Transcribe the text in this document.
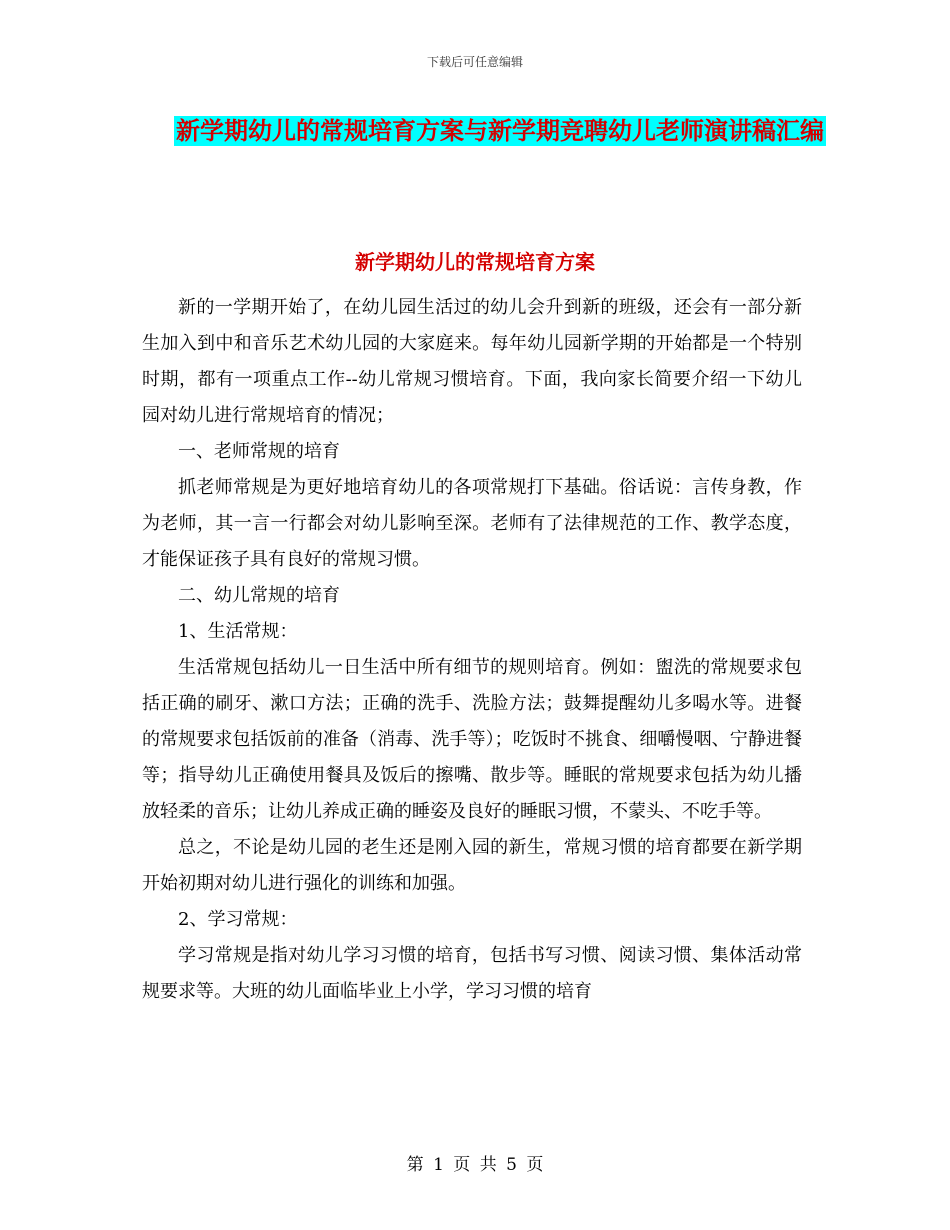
下载后可任意编辑
新学期幼儿的常规培育方案与新学期竞聘幼儿老师演讲稿汇编
新学期幼儿的常规培育方案

新的一学期开始了，在幼儿园生活过的幼儿会升到新的班级，还会有一部分新生加入到中和音乐艺术幼儿园的大家庭来。每年幼儿园新学期的开始都是一个特别时期，都有一项重点工作--幼儿常规习惯培育。下面，我向家长简要介绍一下幼儿园对幼儿进行常规培育的情况；

一、老师常规的培育

抓老师常规是为更好地培育幼儿的各项常规打下基础。俗话说：言传身教，作为老师，其一言一行都会对幼儿影响至深。老师有了法律规范的工作、教学态度，才能保证孩子具有良好的常规习惯。

二、幼儿常规的培育

1、生活常规：

生活常规包括幼儿一日生活中所有细节的规则培育。例如：盥洗的常规要求包括正确的刷牙、漱口方法；正确的洗手、洗脸方法；鼓舞提醒幼儿多喝水等。进餐的常规要求包括饭前的准备（消毒、洗手等）；吃饭时不挑食、细嚼慢咽、宁静进餐等；指导幼儿正确使用餐具及饭后的擦嘴、散步等。睡眠的常规要求包括为幼儿播放轻柔的音乐；让幼儿养成正确的睡姿及良好的睡眠习惯，不蒙头、不吃手等。

总之，不论是幼儿园的老生还是刚入园的新生，常规习惯的培育都要在新学期开始初期对幼儿进行强化的训练和加强。

2、学习常规：

学习常规是指对幼儿学习习惯的培育，包括书写习惯、阅读习惯、集体活动常规要求等。大班的幼儿面临毕业上小学，学习习惯的培育

第 1 页 共 5 页
